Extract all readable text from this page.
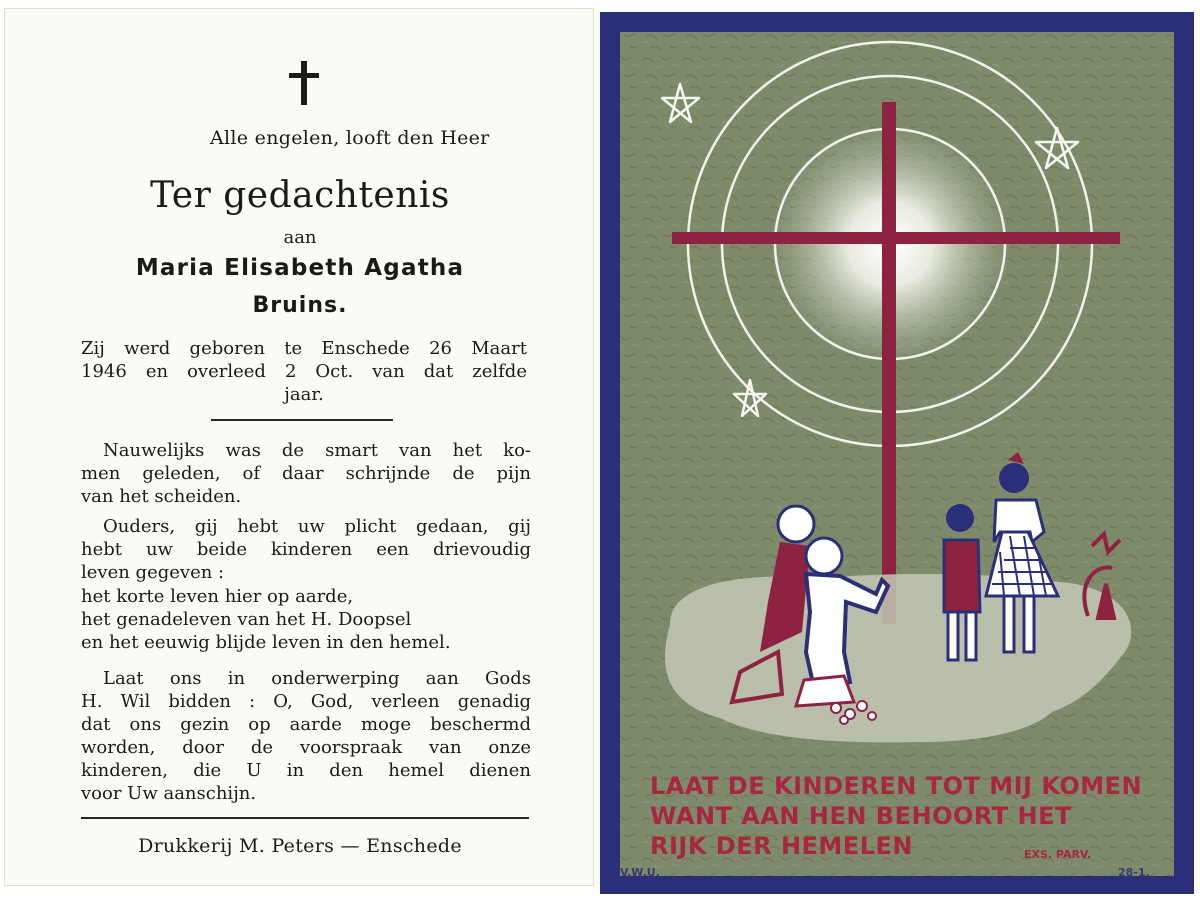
Alle engelen, looft den Heer
Ter gedachtenis
aan
Maria Elisabeth Agatha
Bruins.
Zij werd geboren te Enschede 26 Maart
1946 en overleed 2 Oct. van dat zelfde
jaar.
Nauwelijks was de smart van het ko-
men geleden, of daar schrijnde de pijn
van het scheiden.
Ouders, gij hebt uw plicht gedaan, gij
hebt uw beide kinderen een drievoudig
leven gegeven :
het korte leven hier op aarde,
het genadeleven van het H. Doopsel
en het eeuwig blijde leven in den hemel.
Laat ons in onderwerping aan Gods
H. Wil bidden : O, God, verleen genadig
dat ons gezin op aarde moge beschermd
worden, door de voorspraak van onze
kinderen, die U in den hemel dienen
voor Uw aanschijn.
Drukkerij M. Peters — Enschede
LAAT DE KINDEREN TOT MIJ KOMEN
WANT AAN HEN BEHOORT HET
RIJK DER HEMELEN	EXS. PARV.
V.W.U.	28-1.
